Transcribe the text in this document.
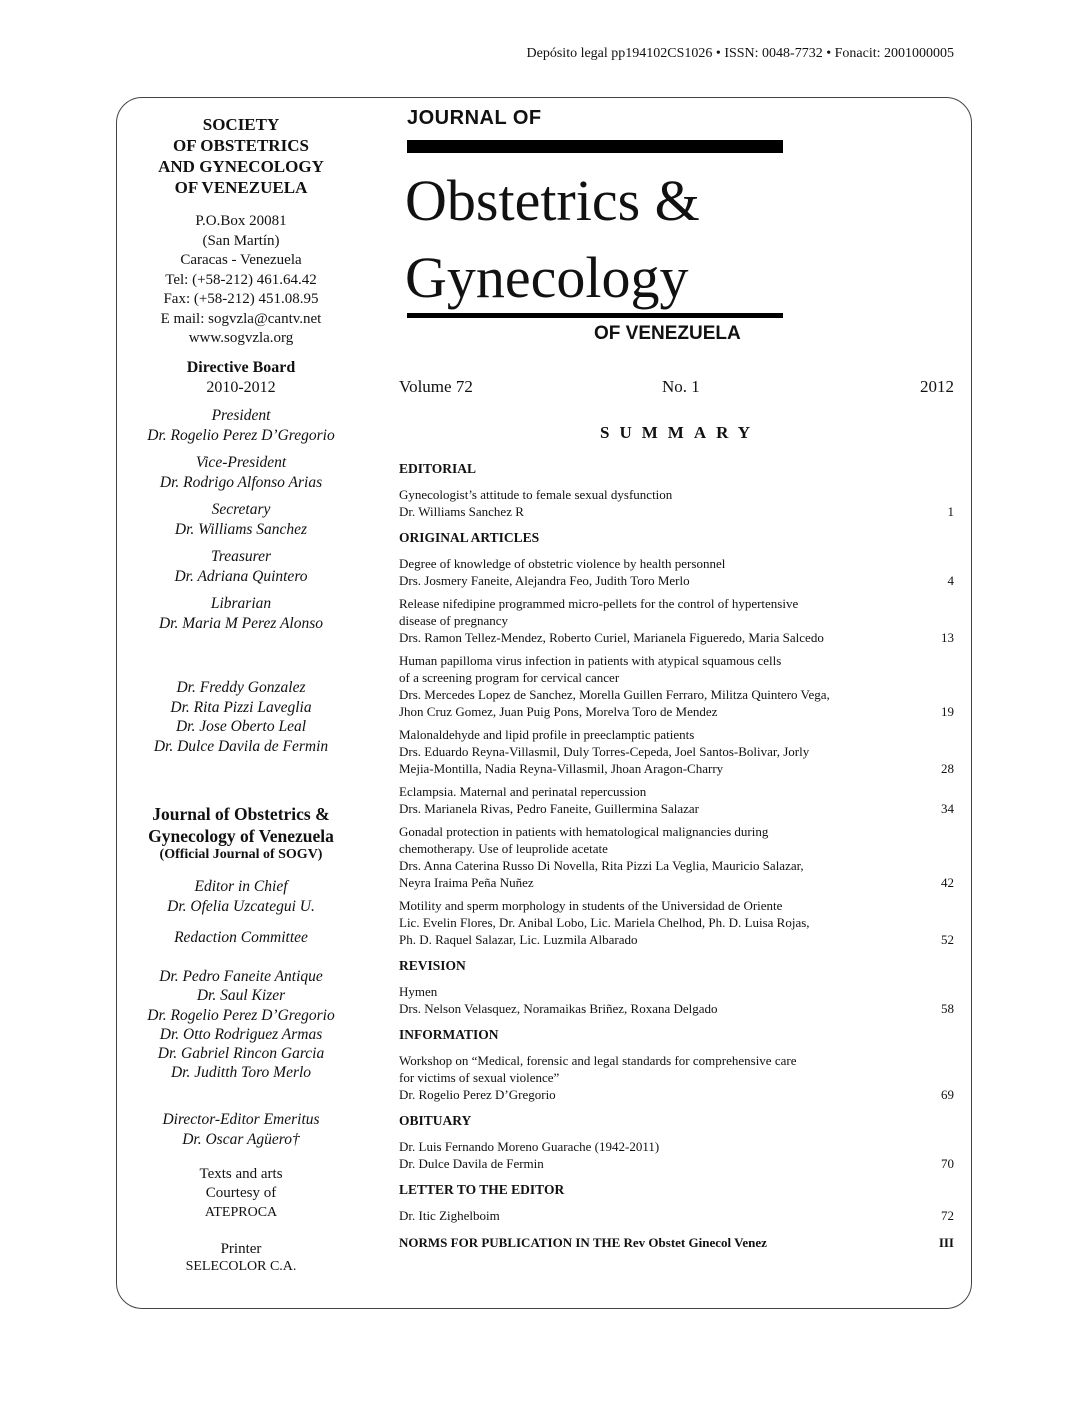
Depósito legal pp194102CS1026 • ISSN: 0048-7732 • Fonacit: 2001000005
SOCIETY
OF OBSTETRICS
AND GYNECOLOGY
OF VENEZUELA
P.O.Box 20081
(San Martín)
Caracas - Venezuela
Tel: (+58-212) 461.64.42
Fax: (+58-212) 451.08.95
E mail: sogvzla@cantv.net
www.sogvzla.org
Directive Board
2010-2012
President
Dr. Rogelio Perez D’Gregorio
Vice-President
Dr. Rodrigo Alfonso Arias
Secretary
Dr. Williams Sanchez
Treasurer
Dr. Adriana Quintero
Librarian
Dr. Maria M Perez Alonso
Dr. Freddy Gonzalez
Dr. Rita Pizzi Laveglia
Dr. Jose Oberto Leal
Dr. Dulce Davila de Fermin
Journal of Obstetrics &
Gynecology of Venezuela
(Official Journal of SOGV)
Editor in Chief
Dr. Ofelia Uzcategui U.
Redaction Committee
Dr. Pedro Faneite Antique
Dr. Saul Kizer
Dr. Rogelio Perez D’Gregorio
Dr. Otto Rodriguez Armas
Dr. Gabriel Rincon Garcia
Dr. Juditth Toro Merlo
Director-Editor Emeritus
Dr. Oscar Agüero†
Texts and arts
Courtesy of
ATEPROCA
Printer
SELECOLOR C.A.
JOURNAL OF
Obstetrics &
Gynecology
OF VENEZUELA
Volume 72	No. 1	2012
SUMMARY
EDITORIAL
Gynecologist’s attitude to female sexual dysfunction
Dr. Williams Sanchez R	1
ORIGINAL ARTICLES
Degree of knowledge of obstetric violence by health personnel
Drs. Josmery Faneite, Alejandra Feo, Judith Toro Merlo	4
Release nifedipine programmed micro-pellets for the control of hypertensive
disease of pregnancy
Drs. Ramon Tellez-Mendez, Roberto Curiel, Marianela Figueredo, Maria Salcedo	13
Human papilloma virus infection in patients with atypical squamous cells
of a screening program for cervical cancer
Drs. Mercedes Lopez de Sanchez, Morella Guillen Ferraro, Militza Quintero Vega,
Jhon Cruz Gomez, Juan Puig Pons, Morelva Toro de Mendez	19
Malonaldehyde and lipid profile in preeclamptic patients
Drs. Eduardo Reyna-Villasmil, Duly Torres-Cepeda, Joel Santos-Bolivar, Jorly
Mejia-Montilla, Nadia Reyna-Villasmil, Jhoan Aragon-Charry	28
Eclampsia. Maternal and perinatal repercussion
Drs. Marianela Rivas, Pedro Faneite, Guillermina Salazar	34
Gonadal protection in patients with hematological malignancies during
chemotherapy. Use of leuprolide acetate
Drs. Anna Caterina Russo Di Novella, Rita Pizzi La Veglia, Mauricio Salazar,
Neyra Iraima Peña Nuñez	42
Motility and sperm morphology in students of the Universidad de Oriente
Lic. Evelin Flores, Dr. Anibal Lobo, Lic. Mariela Chelhod, Ph. D. Luisa Rojas,
Ph. D. Raquel Salazar, Lic. Luzmila Albarado	52
REVISION
Hymen
Drs. Nelson Velasquez, Noramaikas Briñez, Roxana Delgado	58
INFORMATION
Workshop on “Medical, forensic and legal standards for comprehensive care
for victims of sexual violence”
Dr. Rogelio Perez D’Gregorio	69
OBITUARY
Dr. Luis Fernando Moreno Guarache (1942-2011)
Dr. Dulce Davila de Fermin	70
LETTER TO THE EDITOR
Dr. Itic Zighelboim	72
NORMS FOR PUBLICATION IN THE Rev Obstet Ginecol Venez	III
